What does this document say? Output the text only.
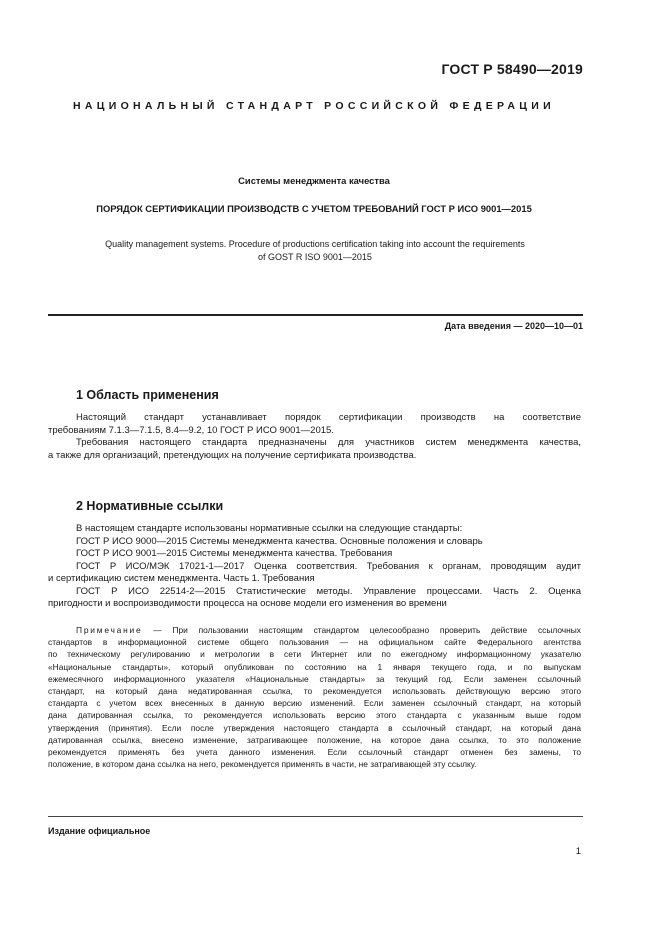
ГОСТ Р 58490—2019
НАЦИОНАЛЬНЫЙ СТАНДАРТ РОССИЙСКОЙ ФЕДЕРАЦИИ
Системы менеджмента качества
ПОРЯДОК СЕРТИФИКАЦИИ ПРОИЗВОДСТВ С УЧЕТОМ ТРЕБОВАНИЙ ГОСТ Р ИСО 9001—2015
Quality management systems. Procedure of productions certification taking into account the requirements
of GOST R ISO 9001—2015
Дата введения — 2020—10—01
1 Область применения
Настоящий стандарт устанавливает порядок сертификации производств на соответствие
требованиям 7.1.3—7.1.5, 8.4—9.2, 10 ГОСТ Р ИСО 9001—2015.
Требования настоящего стандарта предназначены для участников систем менеджмента качества,
а также для организаций, претендующих на получение сертификата производства.
2 Нормативные ссылки
В настоящем стандарте использованы нормативные ссылки на следующие стандарты:
ГОСТ Р ИСО 9000—2015 Системы менеджмента качества. Основные положения и словарь
ГОСТ Р ИСО 9001—2015 Системы менеджмента качества. Требования
ГОСТ Р ИСО/МЭК 17021-1—2017 Оценка соответствия. Требования к органам, проводящим аудит
и сертификацию систем менеджмента. Часть 1. Требования
ГОСТ Р ИСО 22514-2—2015 Статистические методы. Управление процессами. Часть 2. Оценка
пригодности и воспроизводимости процесса на основе модели его изменения во времени
Примечание — При пользовании настоящим стандартом целесообразно проверить действие ссылочных
стандартов в информационной системе общего пользования — на официальном сайте Федерального агентства
по техническому регулированию и метрологии в сети Интернет или по ежегодному информационному указателю
«Национальные стандарты», который опубликован по состоянию на 1 января текущего года, и по выпускам
ежемесячного информационного указателя «Национальные стандарты» за текущий год. Если заменен ссылочный
стандарт, на который дана недатированная ссылка, то рекомендуется использовать действующую версию этого
стандарта с учетом всех внесенных в данную версию изменений. Если заменен ссылочный стандарт, на который
дана датированная ссылка, то рекомендуется использовать версию этого стандарта с указанным выше годом
утверждения (принятия). Если после утверждения настоящего стандарта в ссылочный стандарт, на который дана
датированная ссылка, внесено изменение, затрагивающее положение, на которое дана ссылка, то это положение
рекомендуется применять без учета данного изменения. Если ссылочный стандарт отменен без замены, то
положение, в котором дана ссылка на него, рекомендуется применять в части, не затрагивающей эту ссылку.
Издание официальное
1
